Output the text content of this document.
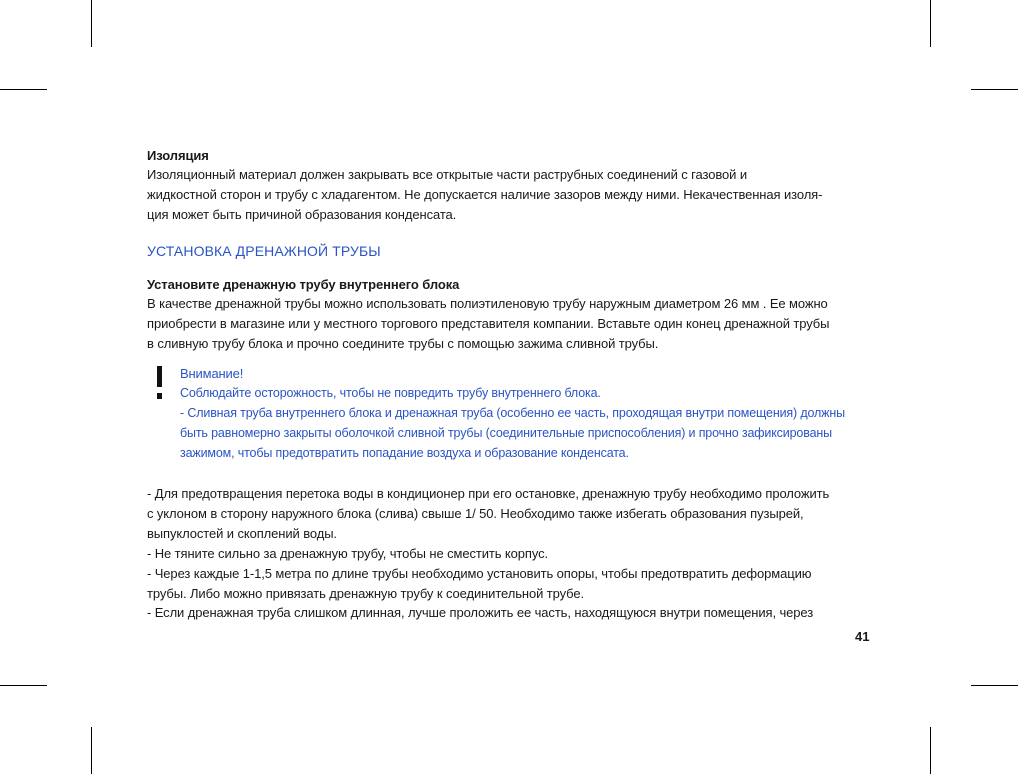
Изоляция
Изоляционный материал должен закрывать все открытые части раструбных соединений с газовой и
жидкостной сторон и трубу с хладагентом. Не допускается наличие зазоров между ними. Некачественная изоля-
ция может быть причиной образования конденсата.
УСТАНОВКА ДРЕНАЖНОЙ ТРУБЫ
Установите дренажную трубу внутреннего блока
В качестве дренажной трубы можно использовать полиэтиленовую трубу наружным диаметром 26 мм . Ее можно
приобрести в магазине или у местного торгового представителя компании. Вставьте один конец дренажной трубы
в сливную трубу блока и прочно соедините трубы с помощью зажима сливной трубы.
Внимание!
Соблюдайте осторожность, чтобы не повредить трубу внутреннего блока.
- Сливная труба внутреннего блока и дренажная труба (особенно ее часть, проходящая внутри помещения) должны
быть равномерно закрыты оболочкой сливной трубы (соединительные приспособления) и прочно зафиксированы
зажимом, чтобы предотвратить попадание воздуха и образование конденсата.
- Для предотвращения перетока воды в кондиционер при его остановке, дренажную трубу необходимо проложить
с уклоном в сторону наружного блока (слива) свыше 1/ 50. Необходимо также избегать образования пузырей,
выпуклостей и скоплений воды.
- Не тяните сильно за дренажную трубу, чтобы не сместить корпус.
- Через каждые 1-1,5 метра по длине трубы необходимо установить опоры, чтобы предотвратить деформацию
трубы. Либо можно привязать дренажную трубу к соединительной трубе.
- Если дренажная труба слишком длинная, лучше проложить ее часть, находящуюся внутри помещения, через
41
